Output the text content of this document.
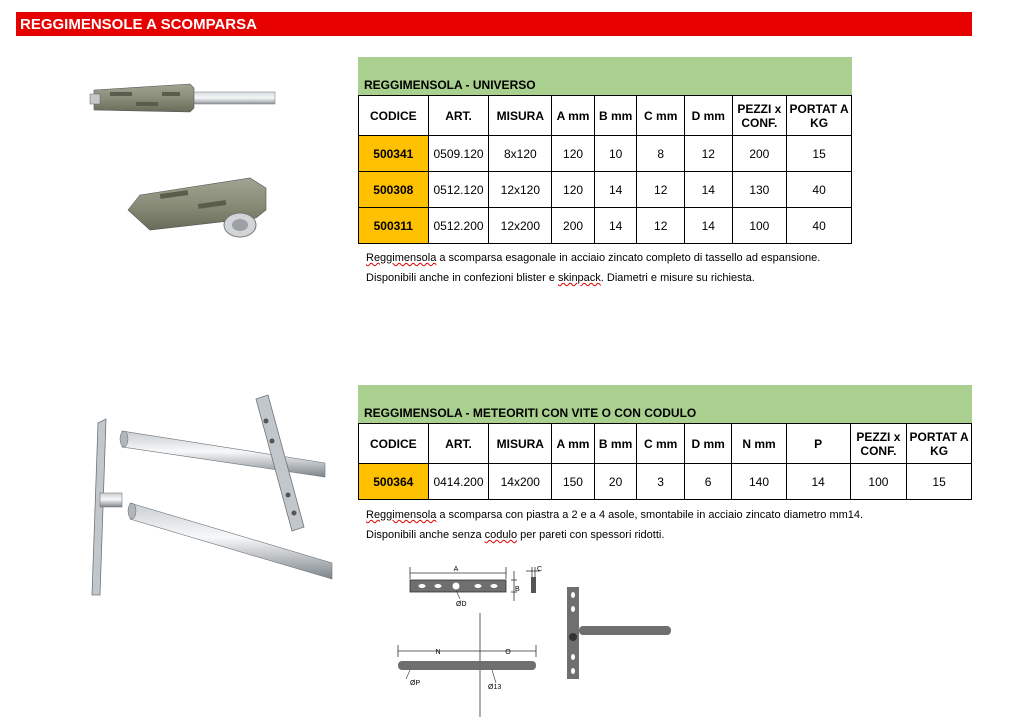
REGGIMENSOLE A SCOMPARSA
REGGIMENSOLA - UNIVERSO
CODICE	ART.	MISURA	A mm	B mm	C mm	D mm	PEZZI x CONF.	PORTAT A KG
500341	0509.120	8x120	120	10	8	12	200	15
500308	0512.120	12x120	120	14	12	14	130	40
500311	0512.200	12x200	200	14	12	14	100	40
Reggimensola a scomparsa esagonale in acciaio zincato completo di tassello ad espansione.
Disponibili anche in confezioni blister e skinpack. Diametri e misure su richiesta.
REGGIMENSOLA - METEORITI CON VITE O CON CODULO
CODICE	ART.	MISURA	A mm	B mm	C mm	D mm	N mm	P	PEZZI x CONF.	PORTAT A KG
500364	0414.200	14x200	150	20	3	6	140	14	100	15
Reggimensola a scomparsa con piastra a 2 e a 4 asole, smontabile in acciaio zincato diametro mm14.
Disponibili anche senza codulo per pareti con spessori ridotti.
A
B
C
ØD
N	O
ØP
Ø13
